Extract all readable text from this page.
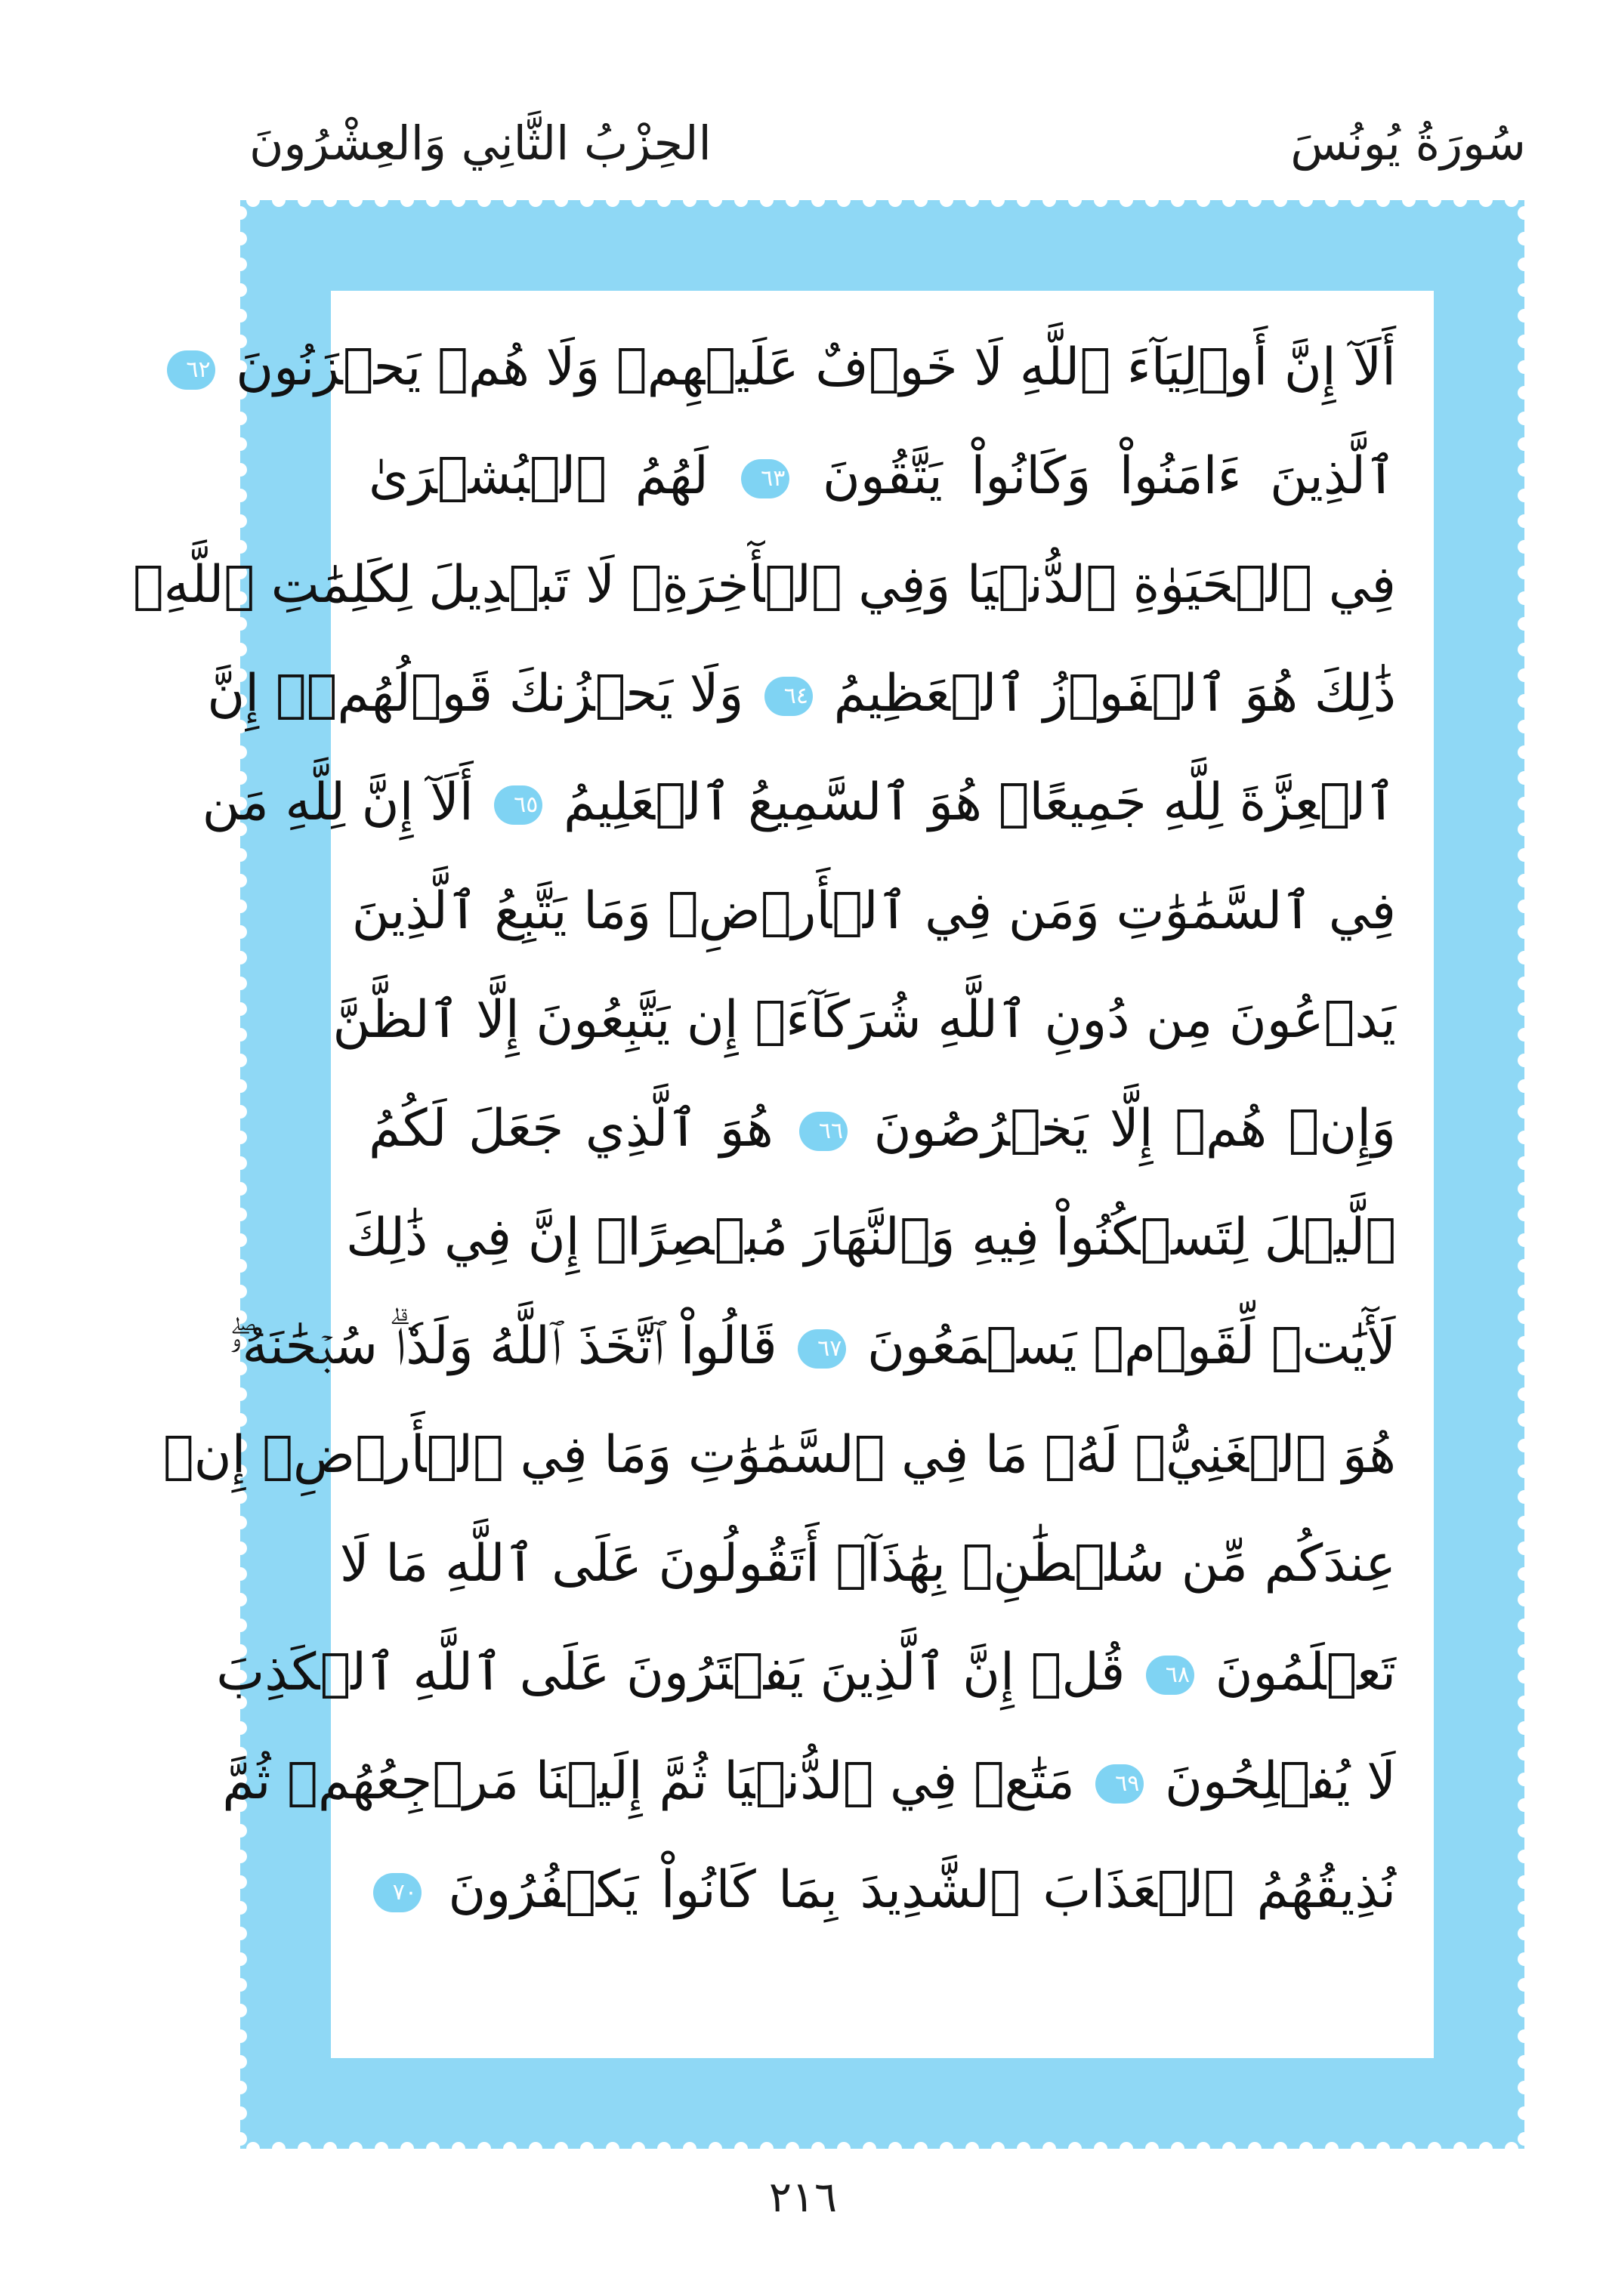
سُورَةُ يُونُسَ
الحِزْبُ الثَّانِي وَالعِشْرُونَ
أَلَآ إِنَّ أَوۡلِيَآءَ ٱللَّهِ لَا خَوۡفٌ عَلَيۡهِمۡ وَلَا هُمۡ يَحۡزَنُونَ ٦٢
ٱلَّذِينَ ءَامَنُواْ وَكَانُواْ يَتَّقُونَ ٦٣ لَهُمُ ٱلۡبُشۡرَىٰ
فِي ٱلۡحَيَوٰةِ ٱلدُّنۡيَا وَفِي ٱلۡأٓخِرَةِۚ لَا تَبۡدِيلَ لِكَلِمَٰتِ ٱللَّهِۚ
ذَٰلِكَ هُوَ ٱلۡفَوۡزُ ٱلۡعَظِيمُ ٦٤ وَلَا يَحۡزُنكَ قَوۡلُهُمۡۘ إِنَّ
ٱلۡعِزَّةَ لِلَّهِ جَمِيعًاۚ هُوَ ٱلسَّمِيعُ ٱلۡعَلِيمُ ٦٥ أَلَآ إِنَّ لِلَّهِ مَن
فِي ٱلسَّمَٰوَٰتِ وَمَن فِي ٱلۡأَرۡضِۗ وَمَا يَتَّبِعُ ٱلَّذِينَ
يَدۡعُونَ مِن دُونِ ٱللَّهِ شُرَكَآءَۚ إِن يَتَّبِعُونَ إِلَّا ٱلظَّنَّ
وَإِنۡ هُمۡ إِلَّا يَخۡرُصُونَ ٦٦ هُوَ ٱلَّذِي جَعَلَ لَكُمُ
ٱلَّيۡلَ لِتَسۡكُنُواْ فِيهِ وَٱلنَّهَارَ مُبۡصِرًاۚ إِنَّ فِي ذَٰلِكَ
لَأٓيَٰتٖ لِّقَوۡمٖ يَسۡمَعُونَ ٦٧ قَالُواْ ٱتَّخَذَ ٱللَّهُ وَلَدٗاۗ سُبۡحَٰنَهُۥۖ
هُوَ ٱلۡغَنِيُّۖ لَهُۥ مَا فِي ٱلسَّمَٰوَٰتِ وَمَا فِي ٱلۡأَرۡضِۚ إِنۡ
عِندَكُم مِّن سُلۡطَٰنِۭ بِهَٰذَآۚ أَتَقُولُونَ عَلَى ٱللَّهِ مَا لَا
تَعۡلَمُونَ ٦٨ قُلۡ إِنَّ ٱلَّذِينَ يَفۡتَرُونَ عَلَى ٱللَّهِ ٱلۡكَذِبَ
لَا يُفۡلِحُونَ ٦٩ مَتَٰعٞ فِي ٱلدُّنۡيَا ثُمَّ إِلَيۡنَا مَرۡجِعُهُمۡ ثُمَّ
نُذِيقُهُمُ ٱلۡعَذَابَ ٱلشَّدِيدَ بِمَا كَانُواْ يَكۡفُرُونَ ٧٠
٢١٦
